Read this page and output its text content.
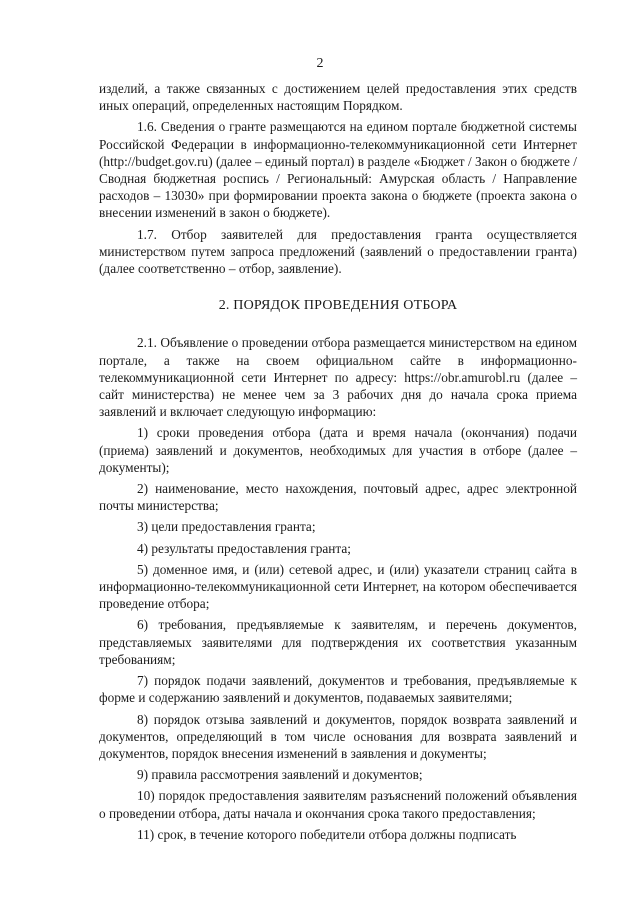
2

изделий, а также связанных с достижением целей предоставления этих средств иных операций, определенных настоящим Порядком.

1.6. Сведения о гранте размещаются на едином портале бюджетной системы Российской Федерации в информационно-телекоммуникационной сети Интернет (http://budget.gov.ru) (далее – единый портал) в разделе «Бюджет / Закон о бюджете / Сводная бюджетная роспись / Региональный: Амурская область / Направление расходов – 13030» при формировании проекта закона о бюджете (проекта закона о внесении изменений в закон о бюджете).

1.7. Отбор заявителей для предоставления гранта осуществляется министерством путем запроса предложений (заявлений о предоставлении гранта) (далее соответственно – отбор, заявление).

2. ПОРЯДОК ПРОВЕДЕНИЯ ОТБОРА

2.1. Объявление о проведении отбора размещается министерством на едином портале, а также на своем официальном сайте в информационно-телекоммуникационной сети Интернет по адресу: https://obr.amurobl.ru (далее – сайт министерства) не менее чем за 3 рабочих дня до начала срока приема заявлений и включает следующую информацию:

1) сроки проведения отбора (дата и время начала (окончания) подачи (приема) заявлений и документов, необходимых для участия в отборе (далее – документы);

2) наименование, место нахождения, почтовый адрес, адрес электронной почты министерства;

3) цели предоставления гранта;

4) результаты предоставления гранта;

5) доменное имя, и (или) сетевой адрес, и (или) указатели страниц сайта в информационно-телекоммуникационной сети Интернет, на котором обеспечивается проведение отбора;

6) требования, предъявляемые к заявителям, и перечень документов, представляемых заявителями для подтверждения их соответствия указанным требованиям;

7) порядок подачи заявлений, документов и требования, предъявляемые к форме и содержанию заявлений и документов, подаваемых заявителями;

8) порядок отзыва заявлений и документов, порядок возврата заявлений и документов, определяющий в том числе основания для возврата заявлений и документов, порядок внесения изменений в заявления и документы;

9) правила рассмотрения заявлений и документов;

10) порядок предоставления заявителям разъяснений положений объявления о проведении отбора, даты начала и окончания срока такого предоставления;

11) срок, в течение которого победители отбора должны подписать
